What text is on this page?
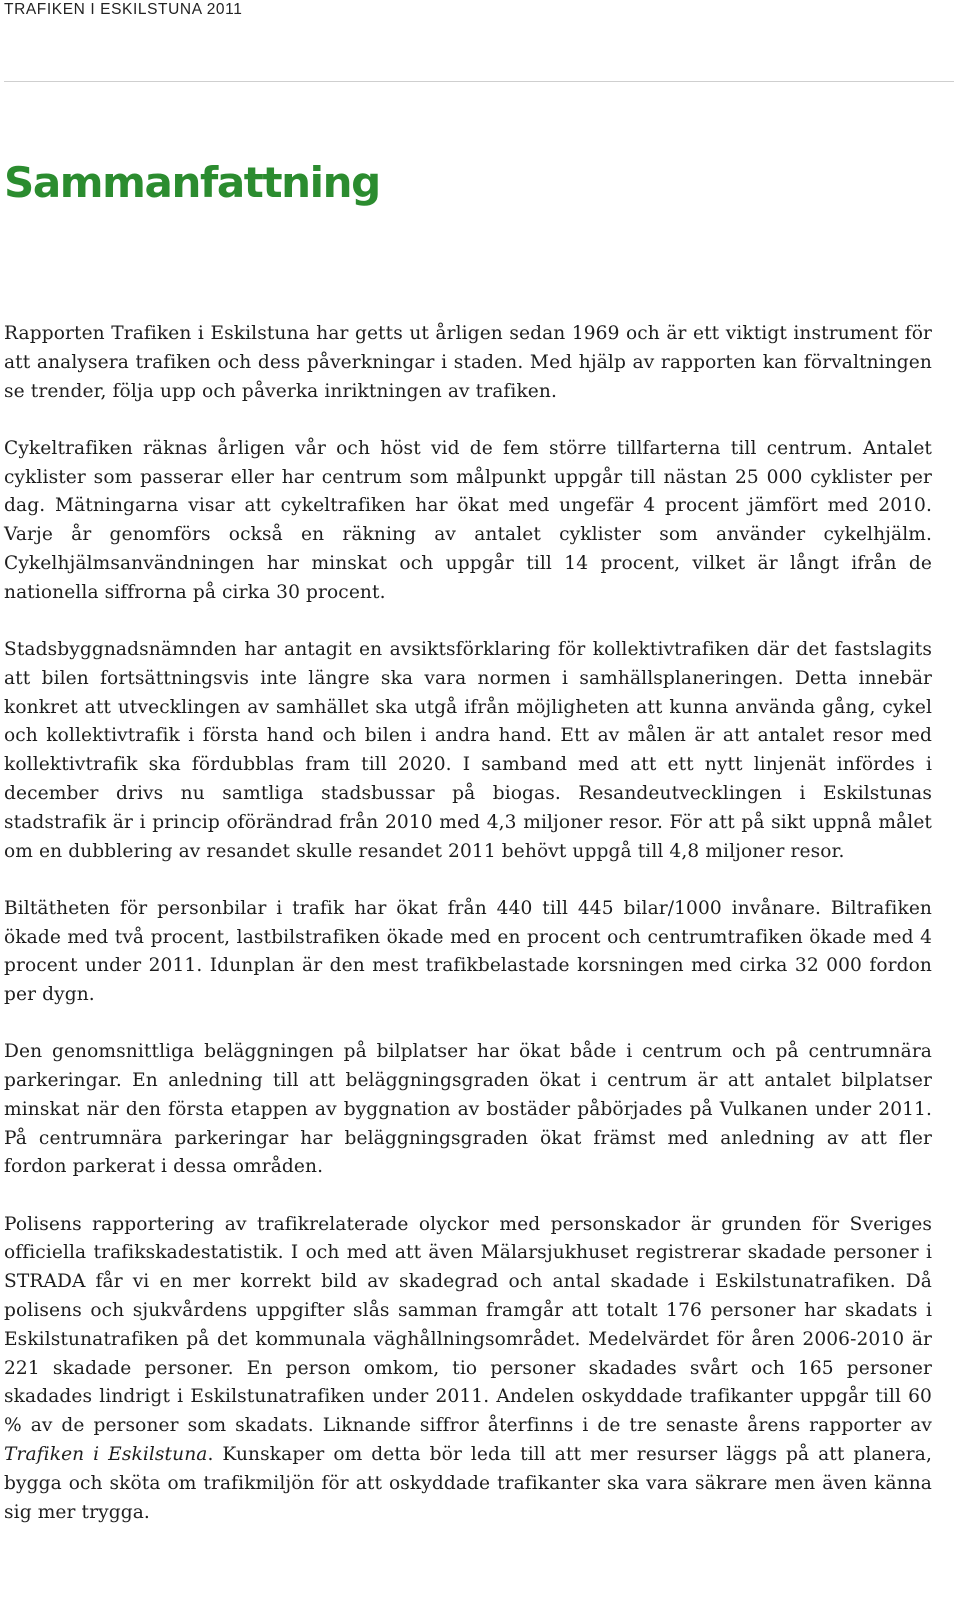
TRAFIKEN I ESKILSTUNA 2011
Sammanfattning

Rapporten Trafiken i Eskilstuna har getts ut årligen sedan 1969 och är ett viktigt instrument för att analysera trafiken och dess påverkningar i staden. Med hjälp av rapporten kan förvaltningen se trender, följa upp och påverka inriktningen av trafiken.

Cykeltrafiken räknas årligen vår och höst vid de fem större tillfarterna till centrum. Antalet cyklister som passerar eller har centrum som målpunkt uppgår till nästan 25 000 cyklister per dag. Mätningarna visar att cykeltrafiken har ökat med ungefär 4 procent jämfört med 2010. Varje år genomförs också en räkning av antalet cyklister som använder cykelhjälm. Cykelhjälmsanvändningen har minskat och uppgår till 14 procent, vilket är långt ifrån de nationella siffrorna på cirka 30 procent.

Stadsbyggnadsnämnden har antagit en avsiktsförklaring för kollektivtrafiken där det fastslagits att bilen fortsättningsvis inte längre ska vara normen i samhällsplaneringen. Detta innebär konkret att utvecklingen av samhället ska utgå ifrån möjligheten att kunna använda gång, cykel och kollektivtrafik i första hand och bilen i andra hand. Ett av målen är att antalet resor med kollektivtrafik ska fördubblas fram till 2020. I samband med att ett nytt linjenät infördes i december drivs nu samtliga stadsbussar på biogas. Resandeutvecklingen i Eskilstunas stadstrafik är i princip oförändrad från 2010 med 4,3 miljoner resor. För att på sikt uppnå målet om en dubblering av resandet skulle resandet 2011 behövt uppgå till 4,8 miljoner resor.

Biltätheten för personbilar i trafik har ökat från 440 till 445 bilar/1000 invånare. Biltrafiken ökade med två procent, lastbilstrafiken ökade med en procent och centrumtrafiken ökade med 4 procent under 2011. Idunplan är den mest trafikbelastade korsningen med cirka 32 000 fordon per dygn.

Den genomsnittliga beläggningen på bilplatser har ökat både i centrum och på centrumnära parkeringar. En anledning till att beläggningsgraden ökat i centrum är att antalet bilplatser minskat när den första etappen av byggnation av bostäder påbörjades på Vulkanen under 2011. På centrumnära parkeringar har beläggningsgraden ökat främst med anledning av att fler fordon parkerat i dessa områden.

Polisens rapportering av trafikrelaterade olyckor med personskador är grunden för Sveriges officiella trafikskadestatistik. I och med att även Mälarsjukhuset registrerar skadade personer i STRADA får vi en mer korrekt bild av skadegrad och antal skadade i Eskilstunatrafiken. Då polisens och sjukvårdens uppgifter slås samman framgår att totalt 176 personer har skadats i Eskilstunatrafiken på det kommunala väghållningsområdet. Medelvärdet för åren 2006-2010 är 221 skadade personer. En person omkom, tio personer skadades svårt och 165 personer skadades lindrigt i Eskilstunatrafiken under 2011. Andelen oskyddade trafikanter uppgår till 60 % av de personer som skadats. Liknande siffror återfinns i de tre senaste årens rapporter av Trafiken i Eskilstuna. Kunskaper om detta bör leda till att mer resurser läggs på att planera, bygga och sköta om trafikmiljön för att oskyddade trafikanter ska vara säkrare men även känna sig mer trygga.
